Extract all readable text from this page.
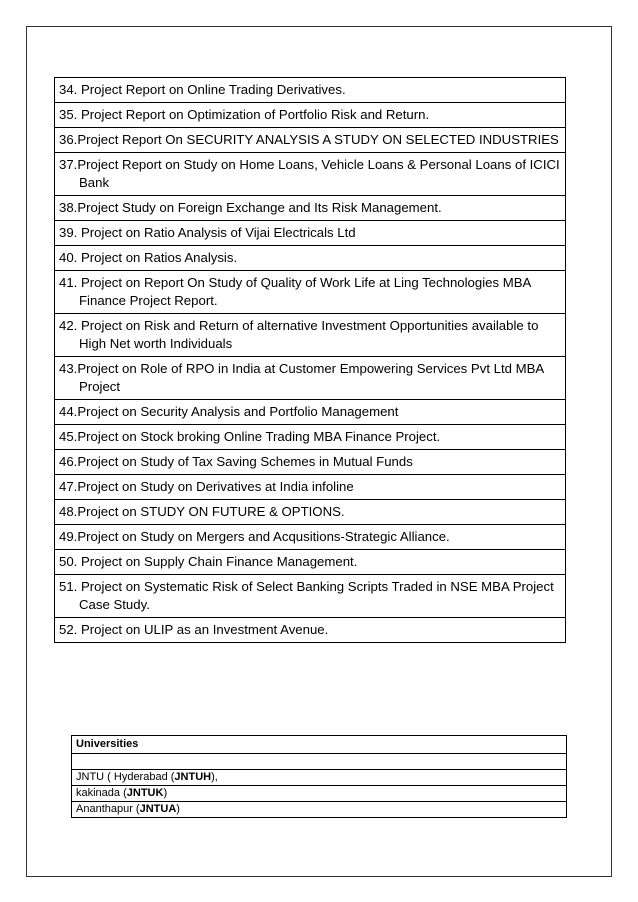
34. Project Report on Online Trading Derivatives.

35. Project Report on Optimization of Portfolio Risk and Return.

36.Project Report On SECURITY ANALYSIS A STUDY ON SELECTED INDUSTRIES

37.Project Report on Study on Home Loans, Vehicle Loans & Personal Loans of ICICI Bank

38.Project Study on Foreign Exchange and Its Risk Management.

39. Project on Ratio Analysis of Vijai Electricals Ltd

40. Project on Ratios Analysis.

41. Project on Report On Study of Quality of Work Life at Ling Technologies MBA Finance Project Report.

42. Project on Risk and Return of alternative Investment Opportunities available to High Net worth Individuals

43.Project on Role of RPO in India at Customer Empowering Services Pvt Ltd MBA Project

44.Project on Security Analysis and Portfolio Management

45.Project on Stock broking Online Trading MBA Finance Project.

46.Project on Study of Tax Saving Schemes in Mutual Funds

47.Project on Study on Derivatives at India infoline

48.Project on STUDY ON FUTURE & OPTIONS.

49.Project on Study on Mergers and Acqusitions-Strategic Alliance.

50. Project on Supply Chain Finance Management.

51. Project on Systematic Risk of Select Banking Scripts Traded in NSE MBA Project Case Study.

52. Project on ULIP as an Investment Avenue.
Universities

JNTU ( Hyderabad (JNTUH),
kakinada (JNTUK)
Ananthapur (JNTUA)
